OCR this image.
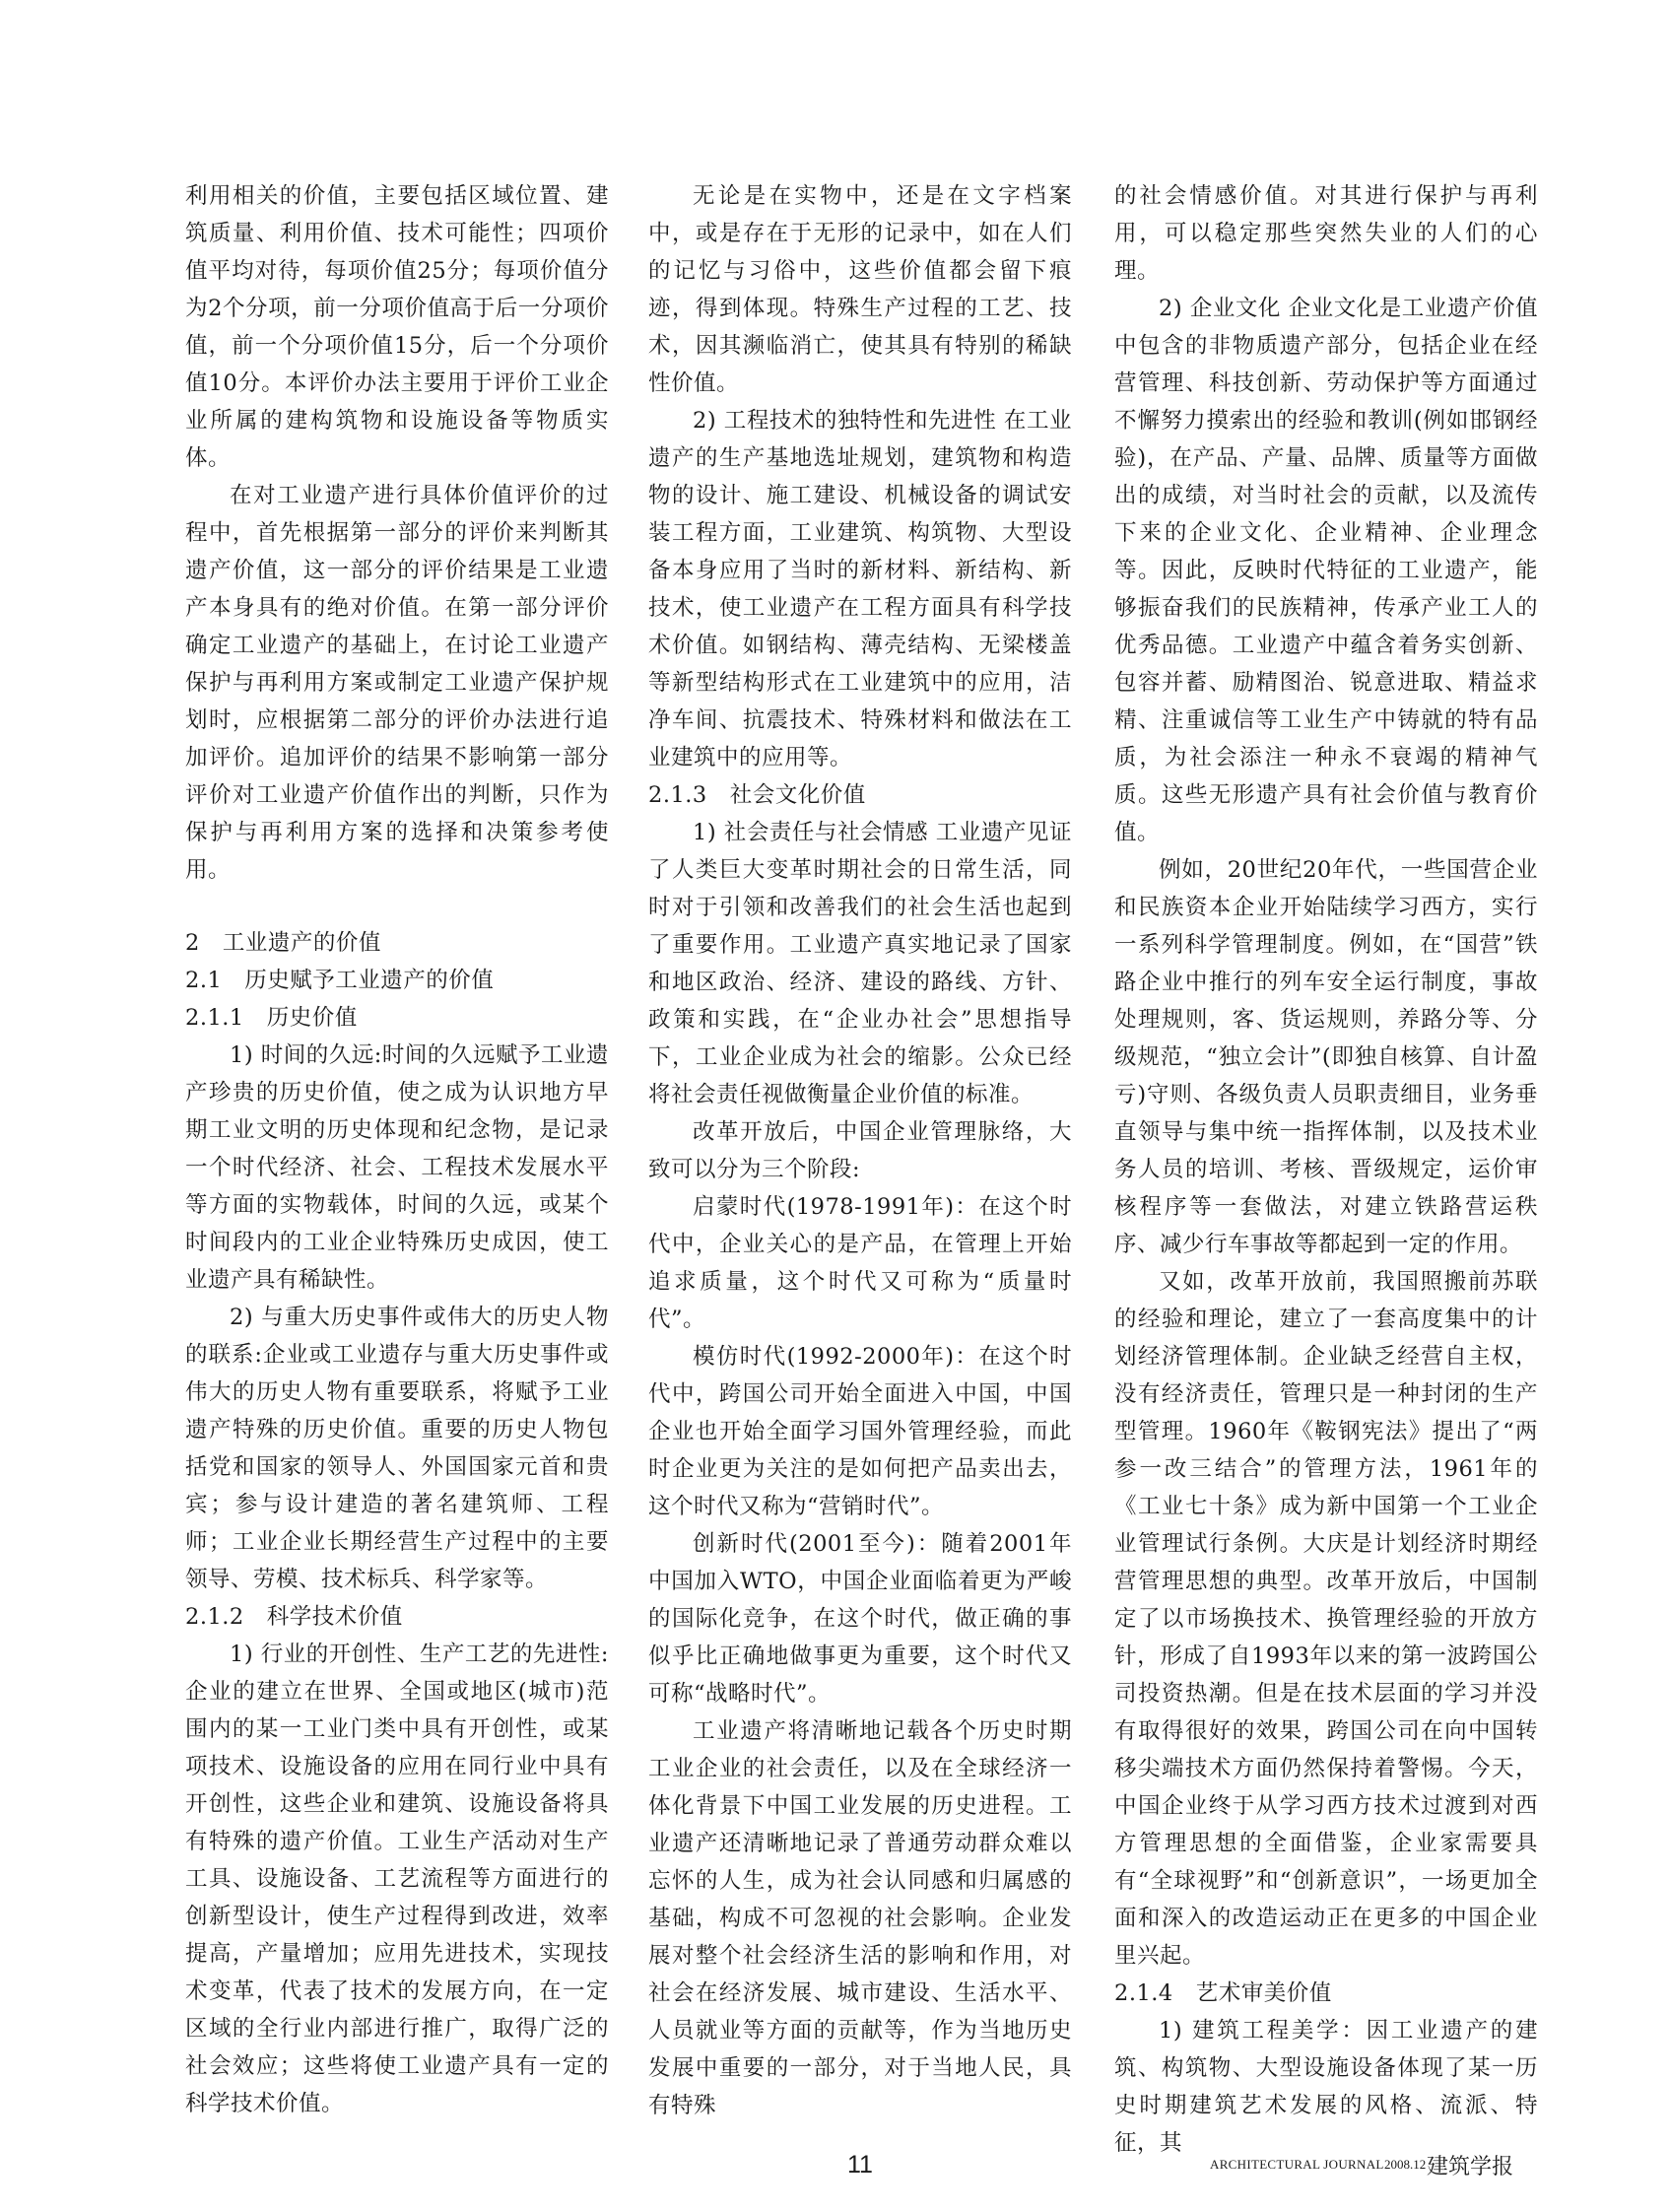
利用相关的价值，主要包括区域位置、建筑质量、利用价值、技术可能性；四项价值平均对待，每项价值25分；每项价值分为2个分项，前一分项价值高于后一分项价值，前一个分项价值15分，后一个分项价值10分。本评价办法主要用于评价工业企业所属的建构筑物和设施设备等物质实体。
在对工业遗产进行具体价值评价的过程中，首先根据第一部分的评价来判断其遗产价值，这一部分的评价结果是工业遗产本身具有的绝对价值。在第一部分评价确定工业遗产的基础上，在讨论工业遗产保护与再利用方案或制定工业遗产保护规划时，应根据第二部分的评价办法进行追加评价。追加评价的结果不影响第一部分评价对工业遗产价值作出的判断，只作为保护与再利用方案的选择和决策参考使用。
2　工业遗产的价值
2.1　历史赋予工业遗产的价值
2.1.1　历史价值
1) 时间的久远:时间的久远赋予工业遗产珍贵的历史价值，使之成为认识地方早期工业文明的历史体现和纪念物，是记录一个时代经济、社会、工程技术发展水平等方面的实物载体，时间的久远，或某个时间段内的工业企业特殊历史成因，使工业遗产具有稀缺性。
2) 与重大历史事件或伟大的历史人物的联系:企业或工业遗存与重大历史事件或伟大的历史人物有重要联系，将赋予工业遗产特殊的历史价值。重要的历史人物包括党和国家的领导人、外国国家元首和贵宾；参与设计建造的著名建筑师、工程师；工业企业长期经营生产过程中的主要领导、劳模、技术标兵、科学家等。
2.1.2　科学技术价值
1) 行业的开创性、生产工艺的先进性:企业的建立在世界、全国或地区(城市)范围内的某一工业门类中具有开创性，或某项技术、设施设备的应用在同行业中具有开创性，这些企业和建筑、设施设备将具有特殊的遗产价值。工业生产活动对生产工具、设施设备、工艺流程等方面进行的创新型设计，使生产过程得到改进，效率提高，产量增加；应用先进技术，实现技术变革，代表了技术的发展方向，在一定区域的全行业内部进行推广，取得广泛的社会效应；这些将使工业遗产具有一定的科学技术价值。
无论是在实物中，还是在文字档案中，或是存在于无形的记录中，如在人们的记忆与习俗中，这些价值都会留下痕迹，得到体现。特殊生产过程的工艺、技术，因其濒临消亡，使其具有特别的稀缺性价值。
2) 工程技术的独特性和先进性 在工业遗产的生产基地选址规划，建筑物和构造物的设计、施工建设、机械设备的调试安装工程方面，工业建筑、构筑物、大型设备本身应用了当时的新材料、新结构、新技术，使工业遗产在工程方面具有科学技术价值。如钢结构、薄壳结构、无梁楼盖等新型结构形式在工业建筑中的应用，洁净车间、抗震技术、特殊材料和做法在工业建筑中的应用等。
2.1.3　社会文化价值
1) 社会责任与社会情感 工业遗产见证了人类巨大变革时期社会的日常生活，同时对于引领和改善我们的社会生活也起到了重要作用。工业遗产真实地记录了国家和地区政治、经济、建设的路线、方针、政策和实践，在“企业办社会”思想指导下，工业企业成为社会的缩影。公众已经将社会责任视做衡量企业价值的标准。
改革开放后，中国企业管理脉络，大致可以分为三个阶段:
启蒙时代(1978-1991年)：在这个时代中，企业关心的是产品，在管理上开始追求质量，这个时代又可称为“质量时代”。
模仿时代(1992-2000年)：在这个时代中，跨国公司开始全面进入中国，中国企业也开始全面学习国外管理经验，而此时企业更为关注的是如何把产品卖出去，这个时代又称为“营销时代”。
创新时代(2001至今)：随着2001年中国加入WTO，中国企业面临着更为严峻的国际化竞争，在这个时代，做正确的事似乎比正确地做事更为重要，这个时代又可称“战略时代”。
工业遗产将清晰地记载各个历史时期工业企业的社会责任，以及在全球经济一体化背景下中国工业发展的历史进程。工业遗产还清晰地记录了普通劳动群众难以忘怀的人生，成为社会认同感和归属感的基础，构成不可忽视的社会影响。企业发展对整个社会经济生活的影响和作用，对社会在经济发展、城市建设、生活水平、人员就业等方面的贡献等，作为当地历史发展中重要的一部分，对于当地人民，具有特殊
的社会情感价值。对其进行保护与再利用，可以稳定那些突然失业的人们的心理。
2) 企业文化 企业文化是工业遗产价值中包含的非物质遗产部分，包括企业在经营管理、科技创新、劳动保护等方面通过不懈努力摸索出的经验和教训(例如邯钢经验)，在产品、产量、品牌、质量等方面做出的成绩，对当时社会的贡献，以及流传下来的企业文化、企业精神、企业理念等。因此，反映时代特征的工业遗产，能够振奋我们的民族精神，传承产业工人的优秀品德。工业遗产中蕴含着务实创新、包容并蓄、励精图治、锐意进取、精益求精、注重诚信等工业生产中铸就的特有品质，为社会添注一种永不衰竭的精神气质。这些无形遗产具有社会价值与教育价值。
例如，20世纪20年代，一些国营企业和民族资本企业开始陆续学习西方，实行一系列科学管理制度。例如，在“国营”铁路企业中推行的列车安全运行制度，事故处理规则，客、货运规则，养路分等、分级规范，“独立会计”(即独自核算、自计盈亏)守则、各级负责人员职责细目，业务垂直领导与集中统一指挥体制，以及技术业务人员的培训、考核、晋级规定，运价审核程序等一套做法，对建立铁路营运秩序、减少行车事故等都起到一定的作用。
又如，改革开放前，我国照搬前苏联的经验和理论，建立了一套高度集中的计划经济管理体制。企业缺乏经营自主权，没有经济责任，管理只是一种封闭的生产型管理。1960年《鞍钢宪法》提出了“两参一改三结合”的管理方法，1961年的《工业七十条》成为新中国第一个工业企业管理试行条例。大庆是计划经济时期经营管理思想的典型。改革开放后，中国制定了以市场换技术、换管理经验的开放方针，形成了自1993年以来的第一波跨国公司投资热潮。但是在技术层面的学习并没有取得很好的效果，跨国公司在向中国转移尖端技术方面仍然保持着警惕。今天，中国企业终于从学习西方技术过渡到对西方管理思想的全面借鉴，企业家需要具有“全球视野”和“创新意识”，一场更加全面和深入的改造运动正在更多的中国企业里兴起。
2.1.4　艺术审美价值
1) 建筑工程美学：因工业遗产的建筑、构筑物、大型设施设备体现了某一历史时期建筑艺术发展的风格、流派、特征，其
11	ARCHITECTURAL JOURNAL 2008.12 建筑学报
